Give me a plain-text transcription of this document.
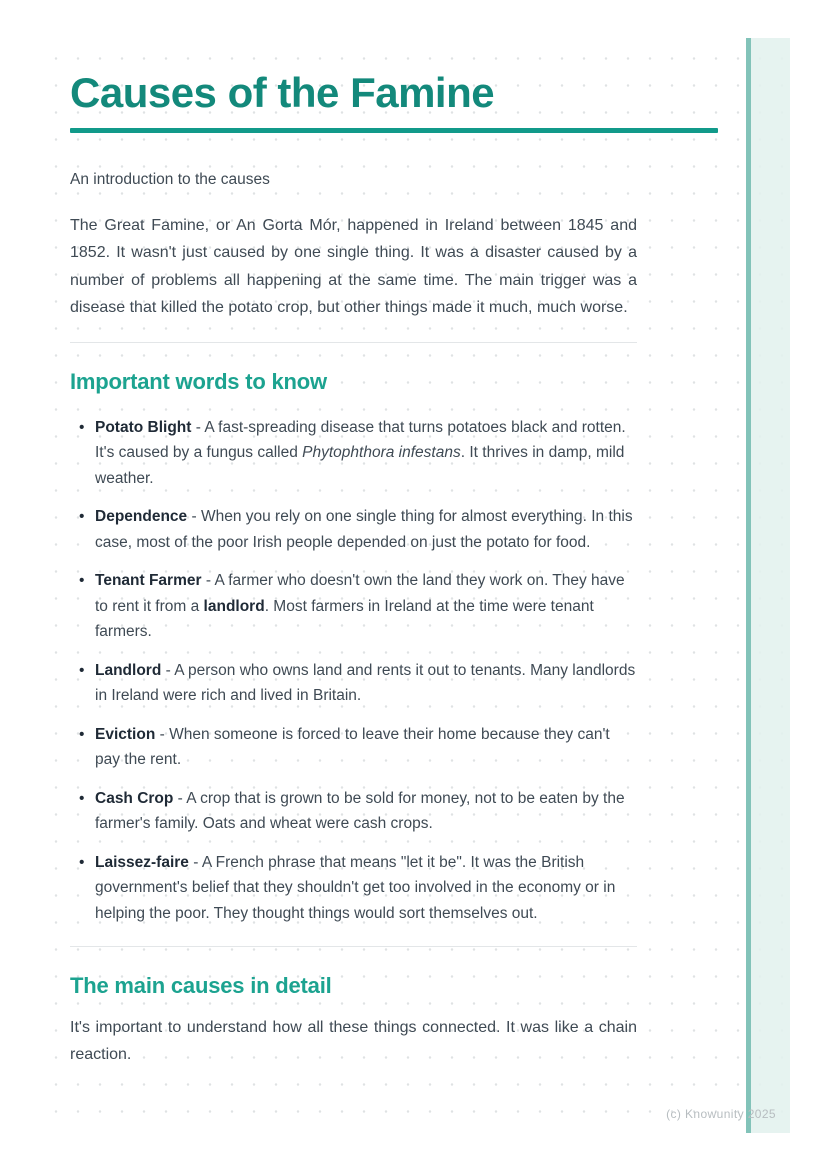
Causes of the Famine

An introduction to the causes

The Great Famine, or An Gorta Mór, happened in Ireland between 1845 and 1852. It wasn't just caused by one single thing. It was a disaster caused by a number of problems all happening at the same time. The main trigger was a disease that killed the potato crop, but other things made it much, much worse.

Important words to know
• Potato Blight - A fast-spreading disease that turns potatoes black and rotten. It's caused by a fungus called Phytophthora infestans. It thrives in damp, mild weather.
• Dependence - When you rely on one single thing for almost everything. In this case, most of the poor Irish people depended on just the potato for food.
• Tenant Farmer - A farmer who doesn't own the land they work on. They have to rent it from a landlord. Most farmers in Ireland at the time were tenant farmers.
• Landlord - A person who owns land and rents it out to tenants. Many landlords in Ireland were rich and lived in Britain.
• Eviction - When someone is forced to leave their home because they can't pay the rent.
• Cash Crop - A crop that is grown to be sold for money, not to be eaten by the farmer's family. Oats and wheat were cash crops.
• Laissez-faire - A French phrase that means "let it be". It was the British government's belief that they shouldn't get too involved in the economy or in helping the poor. They thought things would sort themselves out.
The main causes in detail

It's important to understand how all these things connected. It was like a chain reaction.

(c) Knowunity 2025
